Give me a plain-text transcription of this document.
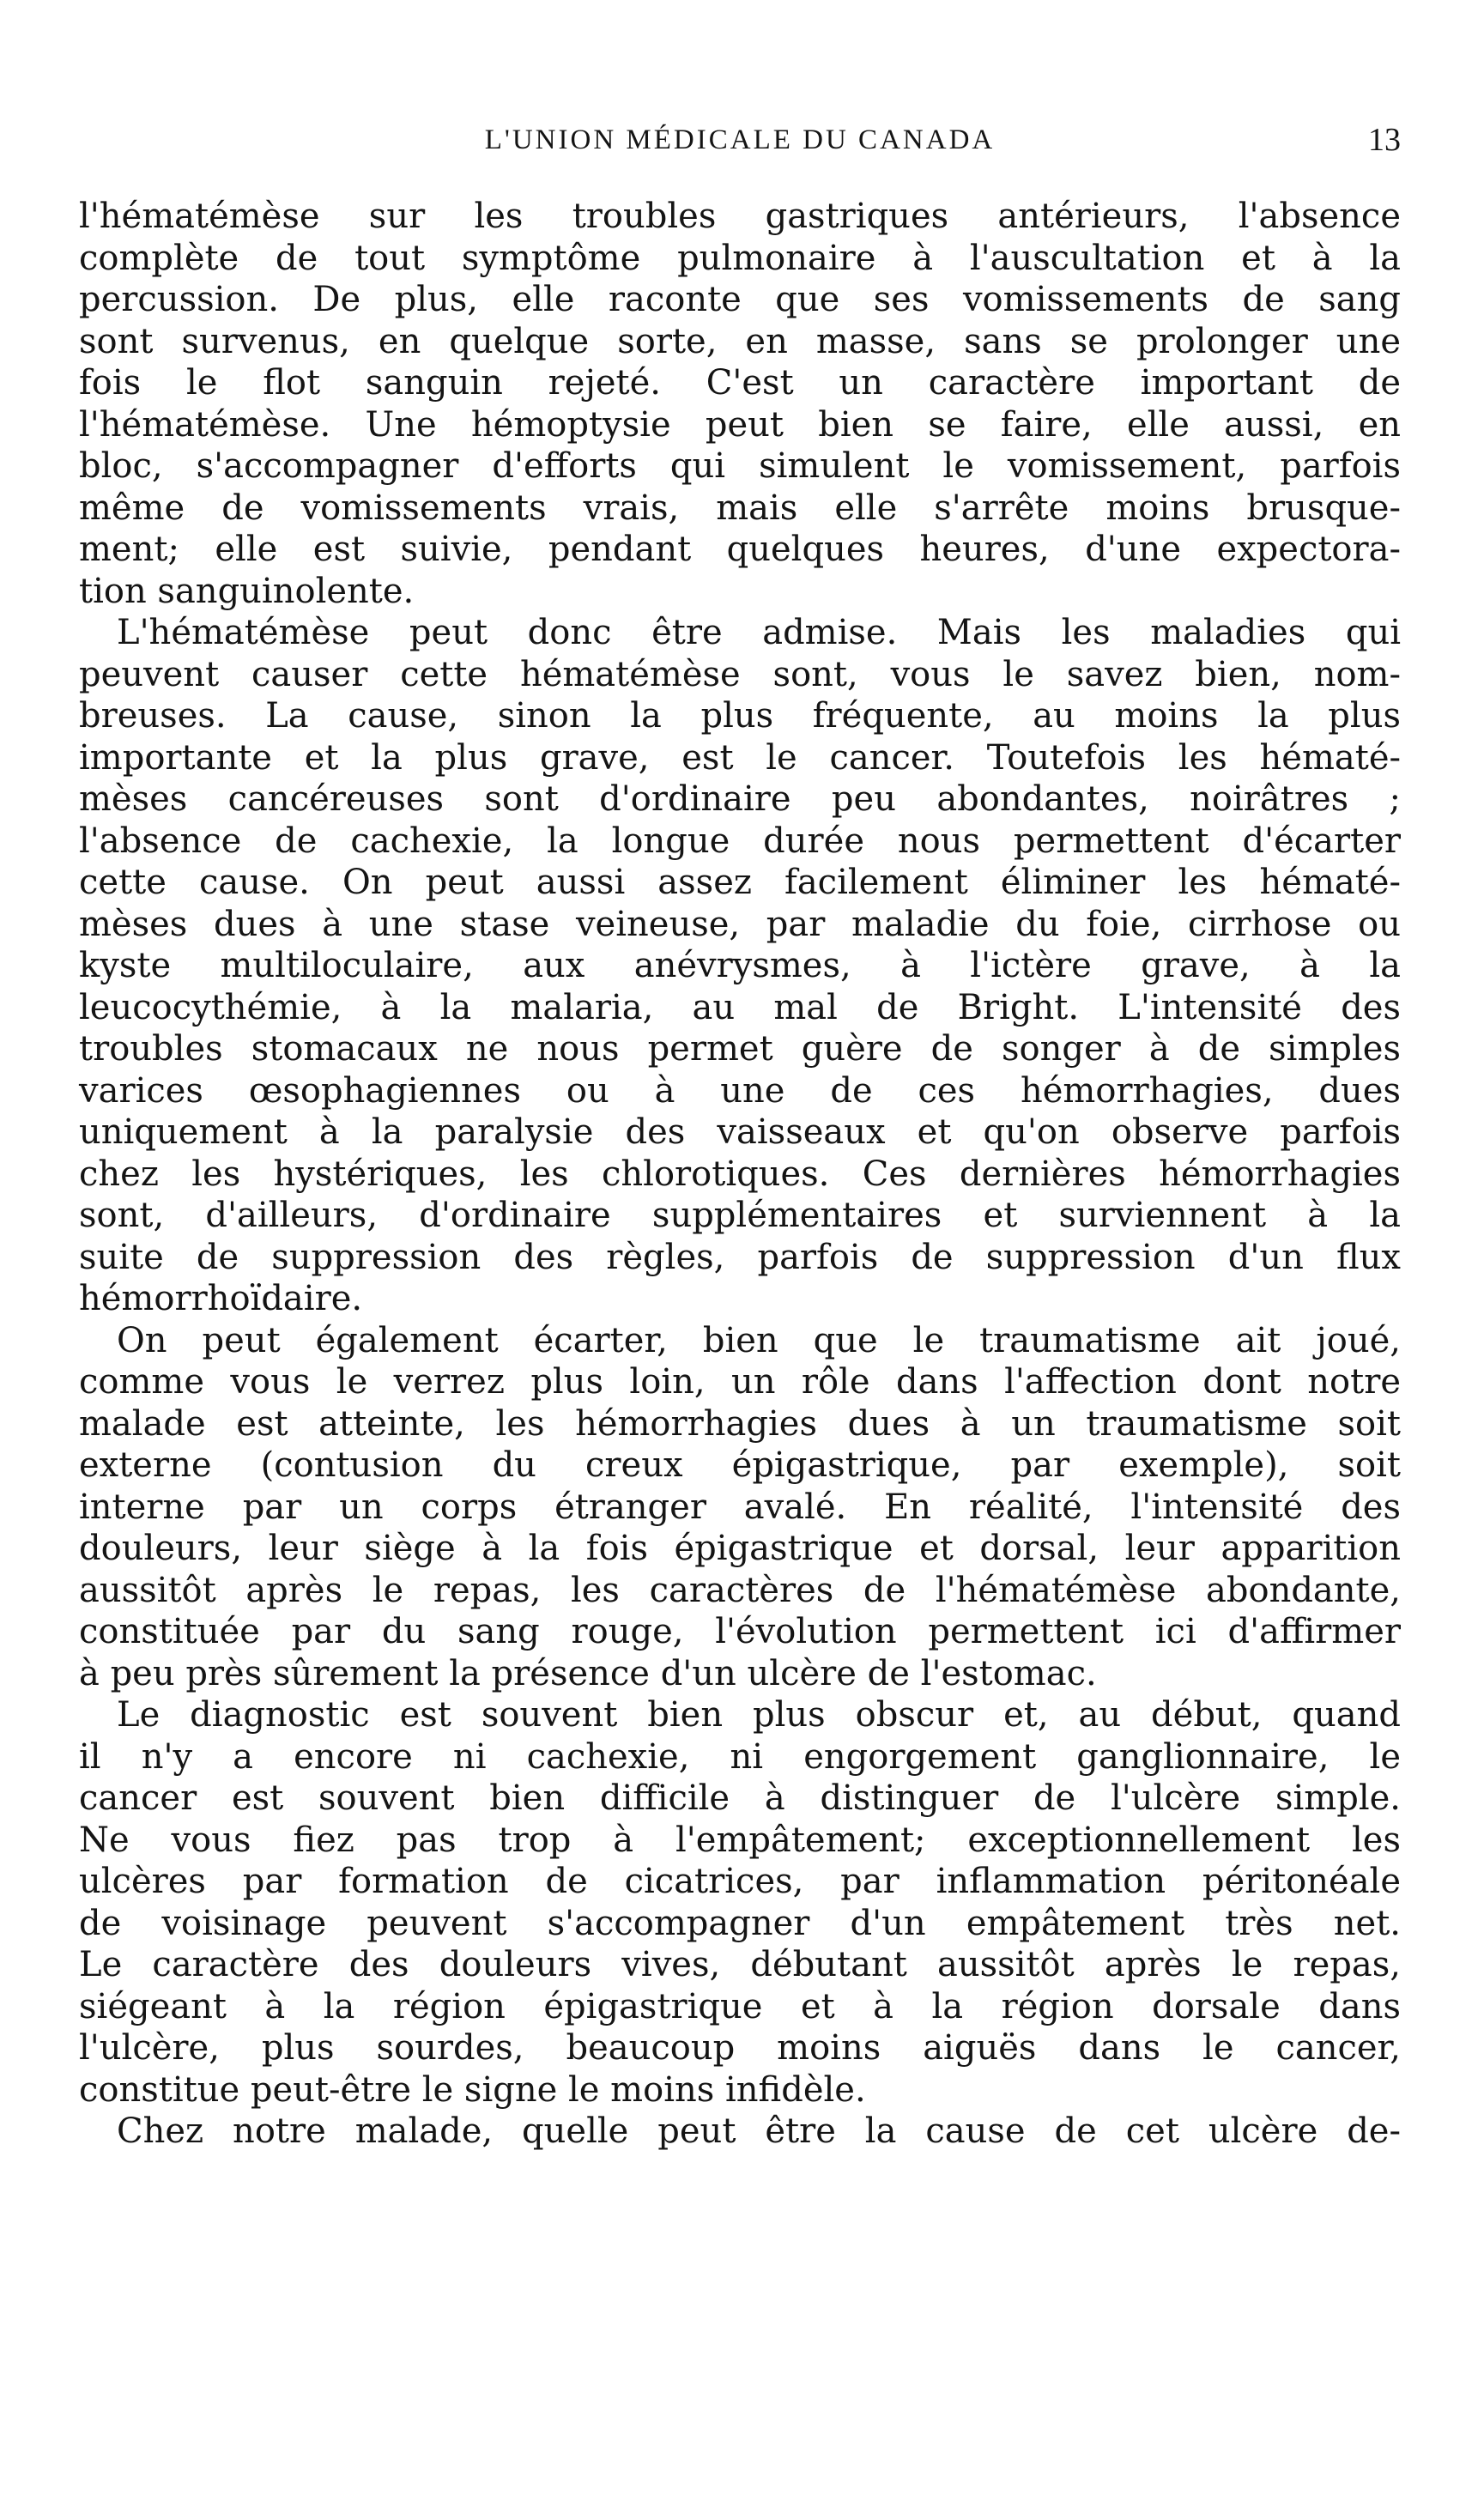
L'UNION MÉDICALE DU CANADA	13
l'hématémèse sur les troubles gastriques antérieurs, l'absence
complète de tout symptôme pulmonaire à l'auscultation et à la
percussion. De plus, elle raconte que ses vomissements de sang
sont survenus, en quelque sorte, en masse, sans se prolonger une
fois le flot sanguin rejeté. C'est un caractère important de
l'hématémèse. Une hémoptysie peut bien se faire, elle aussi, en
bloc, s'accompagner d'efforts qui simulent le vomissement, parfois
même de vomissements vrais, mais elle s'arrête moins brusque-
ment; elle est suivie, pendant quelques heures, d'une expectora-
tion sanguinolente.
L'hématémèse peut donc être admise. Mais les maladies qui
peuvent causer cette hématémèse sont, vous le savez bien, nom-
breuses. La cause, sinon la plus fréquente, au moins la plus
importante et la plus grave, est le cancer. Toutefois les hématé-
mèses cancéreuses sont d'ordinaire peu abondantes, noirâtres ;
l'absence de cachexie, la longue durée nous permettent d'écarter
cette cause. On peut aussi assez facilement éliminer les hématé-
mèses dues à une stase veineuse, par maladie du foie, cirrhose ou
kyste multiloculaire, aux anévrysmes, à l'ictère grave, à la
leucocythémie, à la malaria, au mal de Bright. L'intensité des
troubles stomacaux ne nous permet guère de songer à de simples
varices œsophagiennes ou à une de ces hémorrhagies, dues
uniquement à la paralysie des vaisseaux et qu'on observe parfois
chez les hystériques, les chlorotiques. Ces dernières hémorrhagies
sont, d'ailleurs, d'ordinaire supplémentaires et surviennent à la
suite de suppression des règles, parfois de suppression d'un flux
hémorrhoïdaire.
On peut également écarter, bien que le traumatisme ait joué,
comme vous le verrez plus loin, un rôle dans l'affection dont notre
malade est atteinte, les hémorrhagies dues à un traumatisme soit
externe (contusion du creux épigastrique, par exemple), soit
interne par un corps étranger avalé. En réalité, l'intensité des
douleurs, leur siège à la fois épigastrique et dorsal, leur apparition
aussitôt après le repas, les caractères de l'hématémèse abondante,
constituée par du sang rouge, l'évolution permettent ici d'affirmer
à peu près sûrement la présence d'un ulcère de l'estomac.
Le diagnostic est souvent bien plus obscur et, au début, quand
il n'y a encore ni cachexie, ni engorgement ganglionnaire, le
cancer est souvent bien difficile à distinguer de l'ulcère simple.
Ne vous fiez pas trop à l'empâtement; exceptionnellement les
ulcères par formation de cicatrices, par inflammation péritonéale
de voisinage peuvent s'accompagner d'un empâtement très net.
Le caractère des douleurs vives, débutant aussitôt après le repas,
siégeant à la région épigastrique et à la région dorsale dans
l'ulcère, plus sourdes, beaucoup moins aiguës dans le cancer,
constitue peut-être le signe le moins infidèle.
Chez notre malade, quelle peut être la cause de cet ulcère de-
